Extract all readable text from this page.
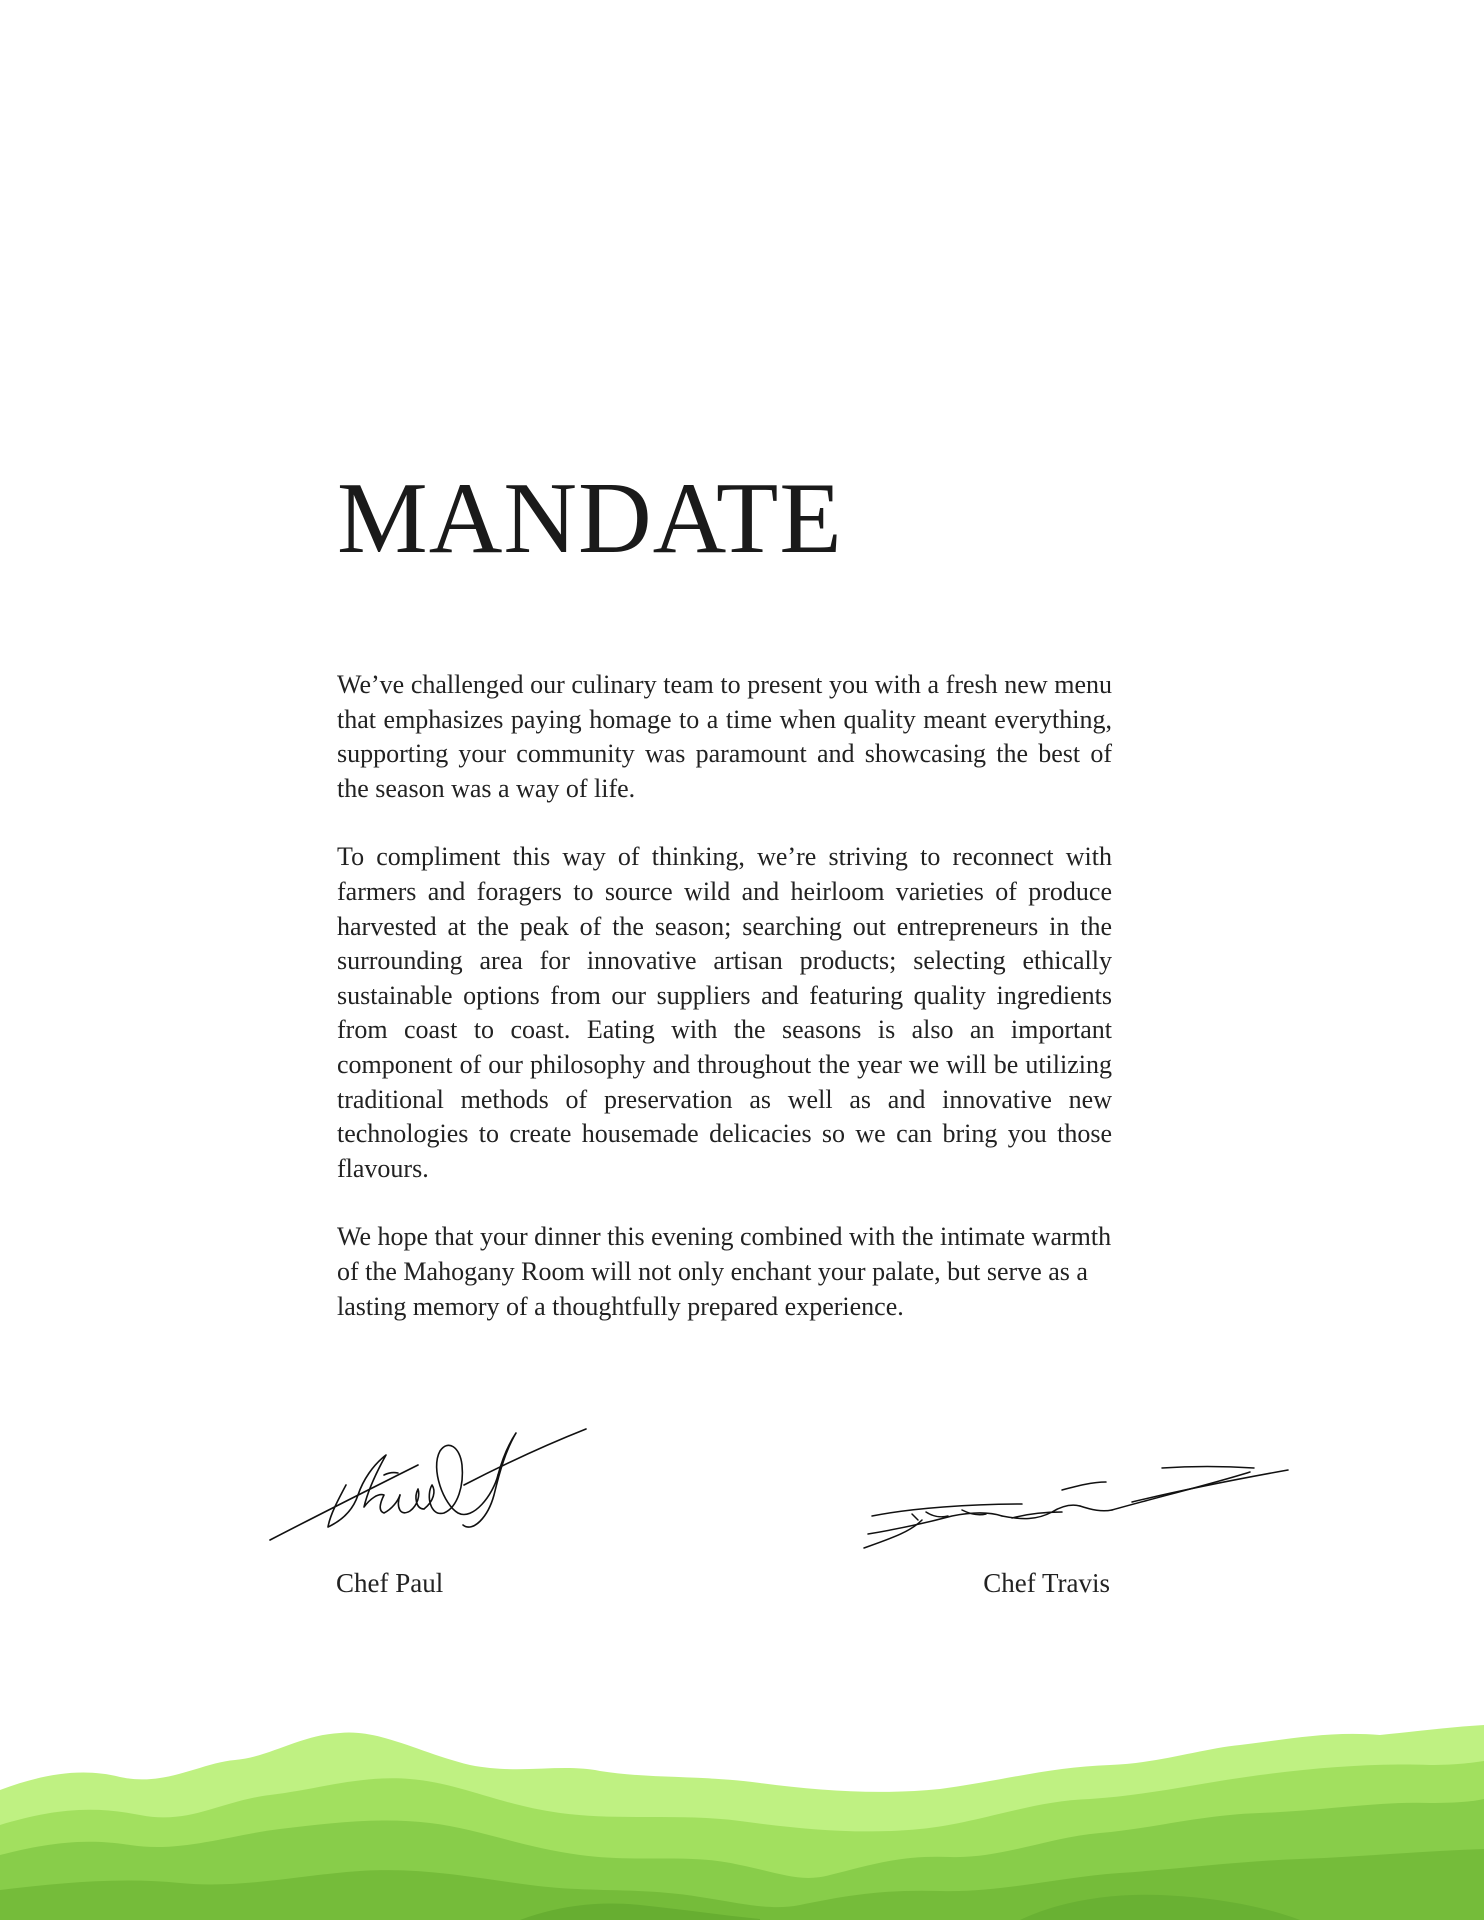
MANDATE

We’ve challenged our culinary team to present you with a fresh new menu that emphasizes paying homage to a time when quality meant everything, supporting your community was paramount and showcasing the best of the season was a way of life.

To compliment this way of thinking, we’re striving to reconnect with farmers and foragers to source wild and heirloom varieties of produce harvested at the peak of the season; searching out entrepreneurs in the surrounding area for innovative artisan products; selecting ethically sustainable options from our suppliers and featuring quality ingredients from coast to coast. Eating with the seasons is also an important component of our philosophy and throughout the year we will be utilizing traditional methods of preservation as well as and innovative new technologies to create housemade delicacies so we can bring you those flavours.

We hope that your dinner this evening combined with the intimate warmth of the Mahogany Room will not only enchant your palate, but serve as a lasting memory of a thoughtfully prepared experience.

Chef Paul	Chef Travis
